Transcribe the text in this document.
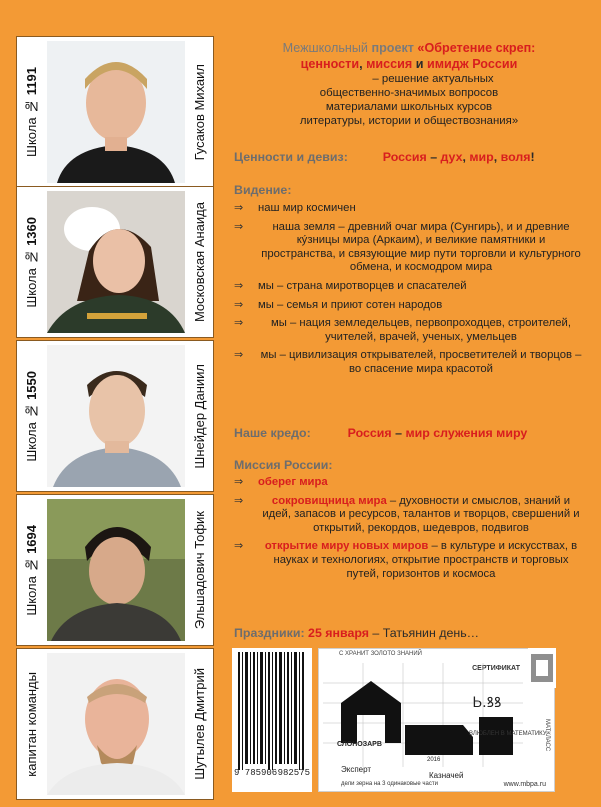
Школа № 1191	Гусаков Михаил
Школа № 1360	Московская Анаида
Школа № 1550	Шнейдер Даниил
Школа № 1694	Эльшадович Тофик
капитан команды	Шутылев Дмитрий
Межшкольный проект «Обретение скреп:
ценности, миссия и имидж России
– решение актуальных
общественно-значимых вопросов
материалами школьных курсов
литературы, истории и обществознания»
Ценности и девиз:	Россия – дух, мир, воля!
Видение:
⇒ наш мир космичен
⇒	наша земля – древний очаг мира (Сунгирь), и и древние кýзницы мира (Аркаим), и великие памятники и пространства, и связующие мир пути торговли и культурного обмена, и космодром мира
⇒ мы – страна миротворцев и спасателей
⇒ мы – семья и приют сотен народов
⇒	мы – нация земледельцев, первопроходцев, строителей, учителей, врачей, ученых, умельцев
⇒ мы – цивилизация открывателей, просветителей и творцов – во спасение мира красотой
Наше кредо:	Россия – мир служения миру
Миссия России:
⇒ оберег мира
⇒	сокровищница мира – духовности и смыслов, знаний и идей, запасов и ресурсов, талантов и творцов, свершений и открытий, рекордов, шедевров, подвигов
⇒	открытие миру новых миров – в культуре и искусствах, в науках и технологиях, открытие пространств и торговых путей, горизонтов и космоса
Праздники: 25 января – Татьянин день…
9 785906 982575
С ХРАНИТ ЗОЛОТО ЗНАНИЙ
СЕРТИФИКАТ
Ꮟ.ꝸꝸ
ВЛЮБЛЕН В МАТЕМАТИКУ
СЛОНОЗАРВ
2016
Эксперт
Казначей
дели зерна на 3 одинаковые части	www.mbpa.ru
МАТКЛАСС
